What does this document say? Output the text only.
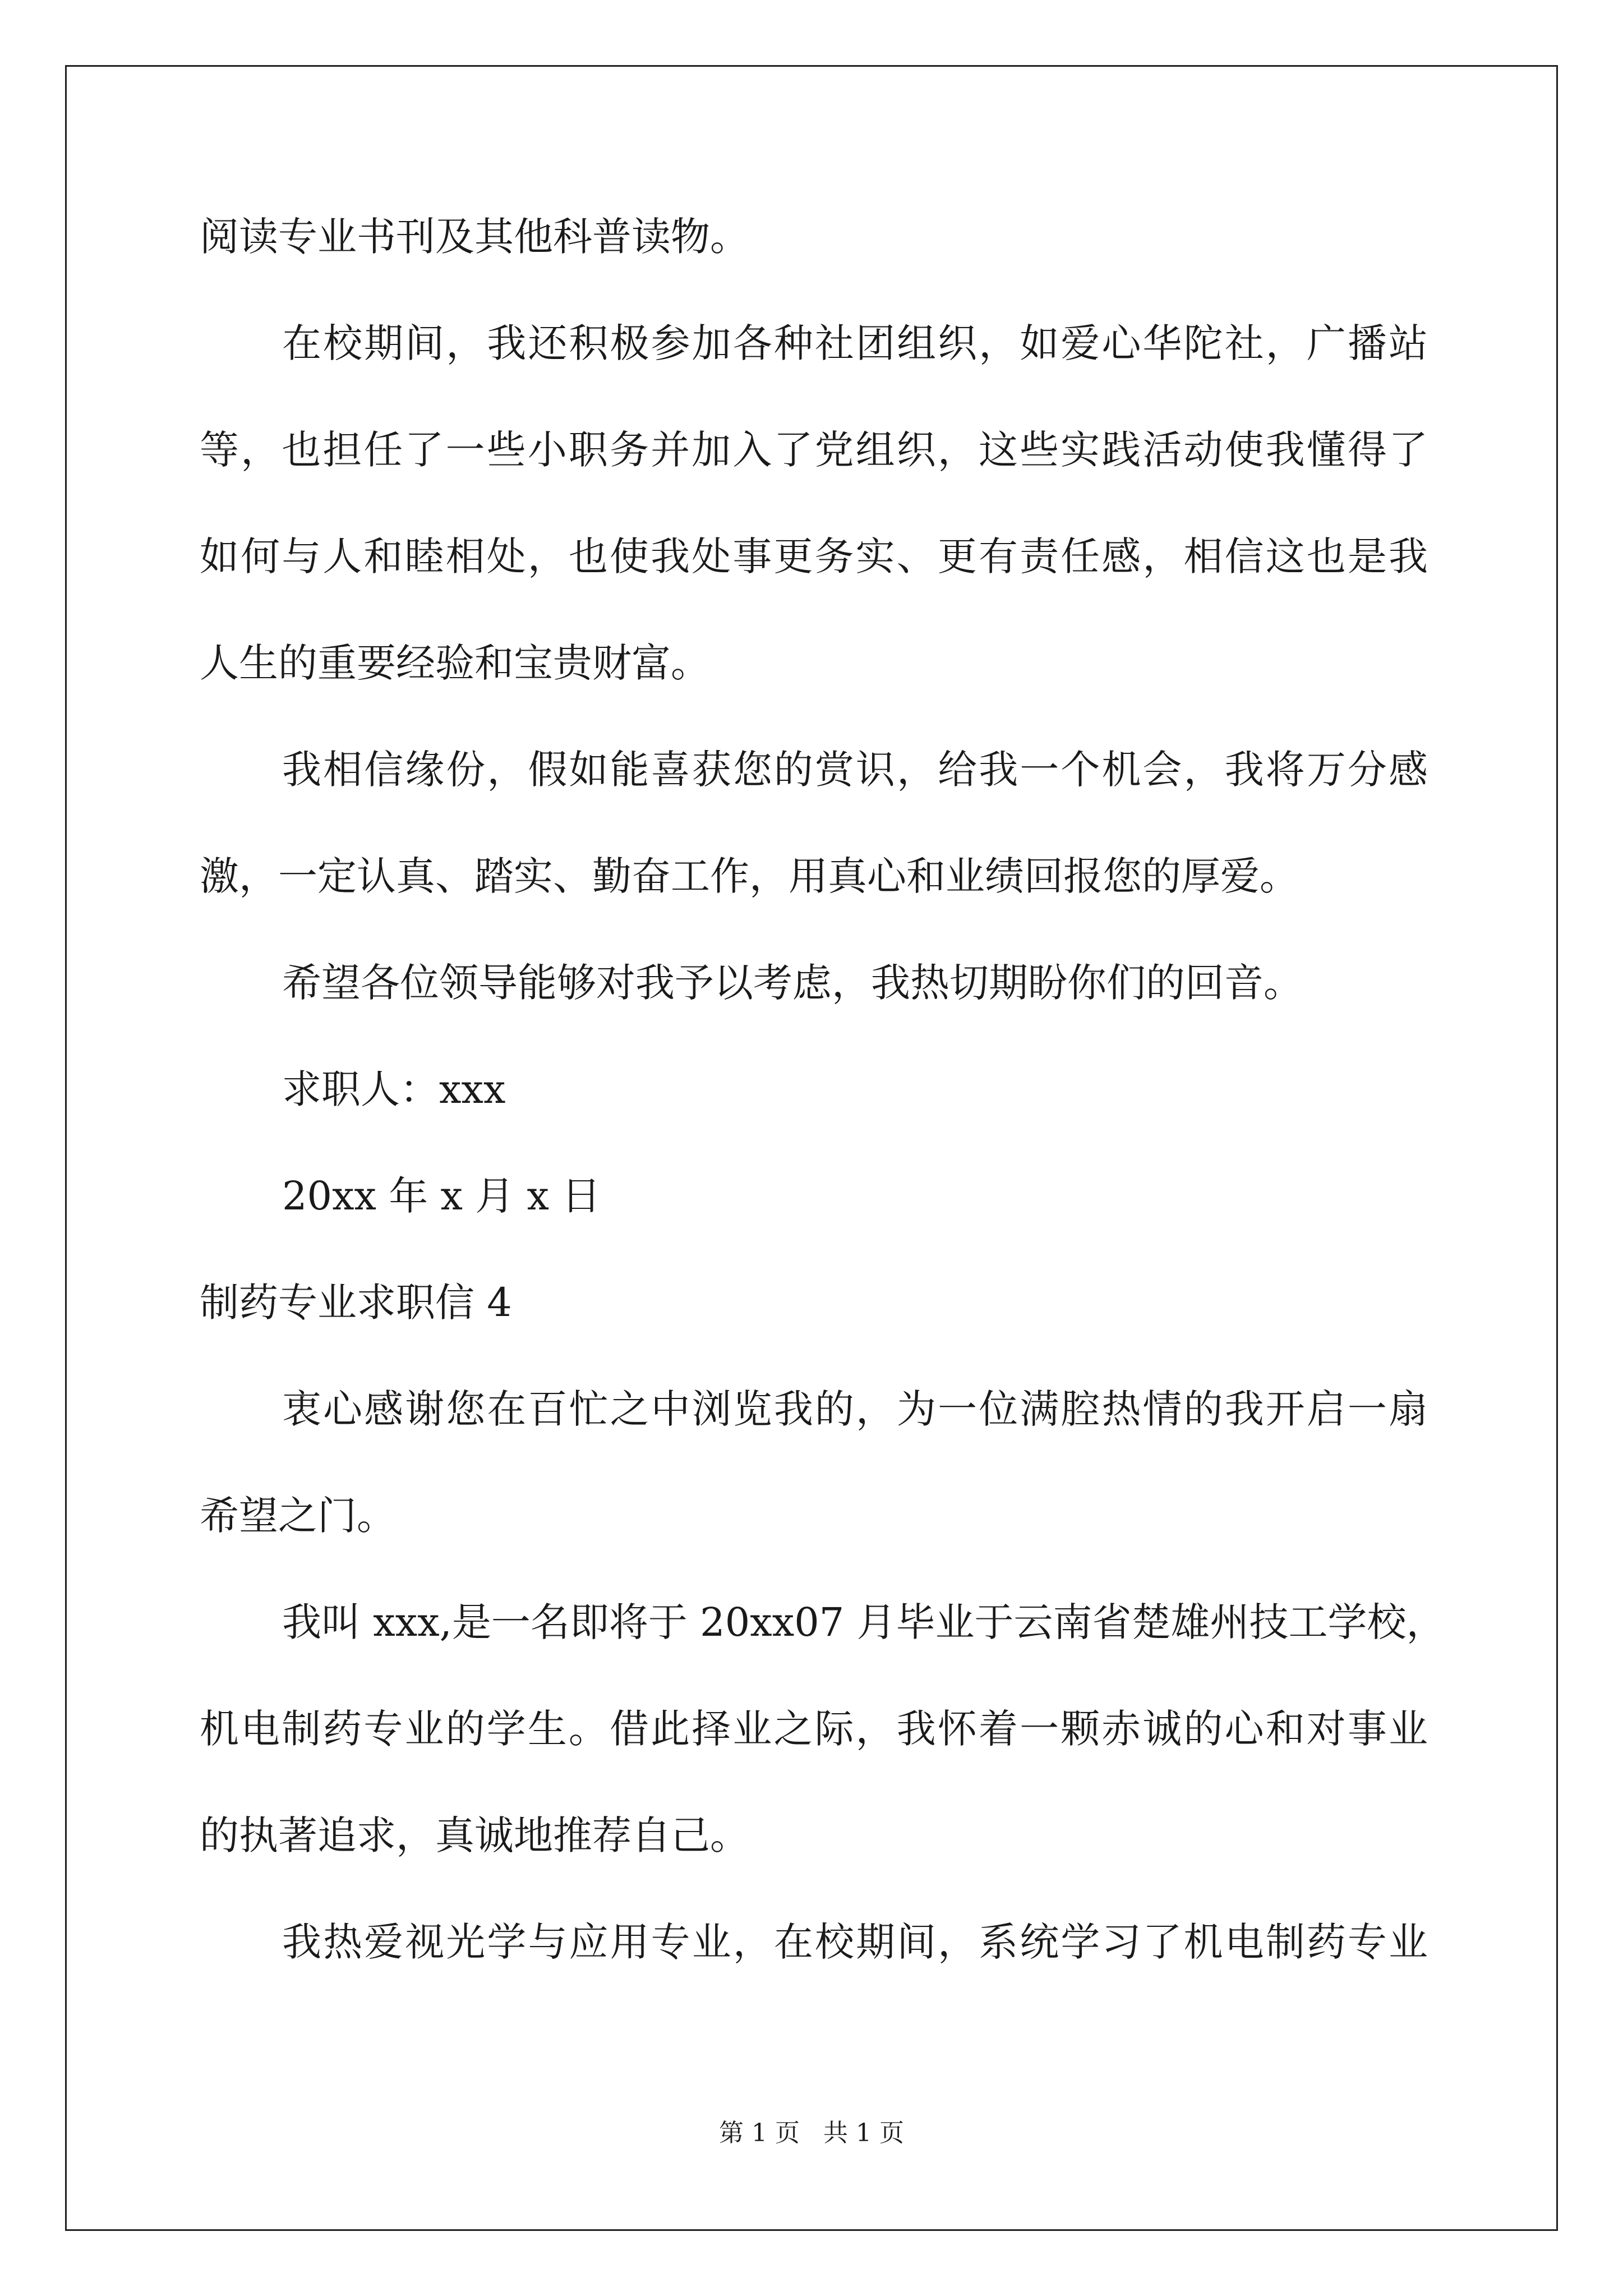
阅读专业书刊及其他科普读物。

在校期间，我还积极参加各种社团组织，如爱心华陀社，广播站

等，也担任了一些小职务并加入了党组织，这些实践活动使我懂得了

如何与人和睦相处，也使我处事更务实、更有责任感，相信这也是我

人生的重要经验和宝贵财富。

我相信缘份，假如能喜获您的赏识，给我一个机会，我将万分感

激，一定认真、踏实、勤奋工作，用真心和业绩回报您的厚爱。

希望各位领导能够对我予以考虑，我热切期盼你们的回音。

求职人：xxx

20xx 年 x 月 x 日

制药专业求职信 4

衷心感谢您在百忙之中浏览我的，为一位满腔热情的我开启一扇

希望之门。

我叫 xxx,是一名即将于 20xx07 月毕业于云南省楚雄州技工学校，

机电制药专业的学生。借此择业之际，我怀着一颗赤诚的心和对事业

的执著追求，真诚地推荐自己。

我热爱视光学与应用专业，在校期间，系统学习了机电制药专业

第 1 页   共 1 页
